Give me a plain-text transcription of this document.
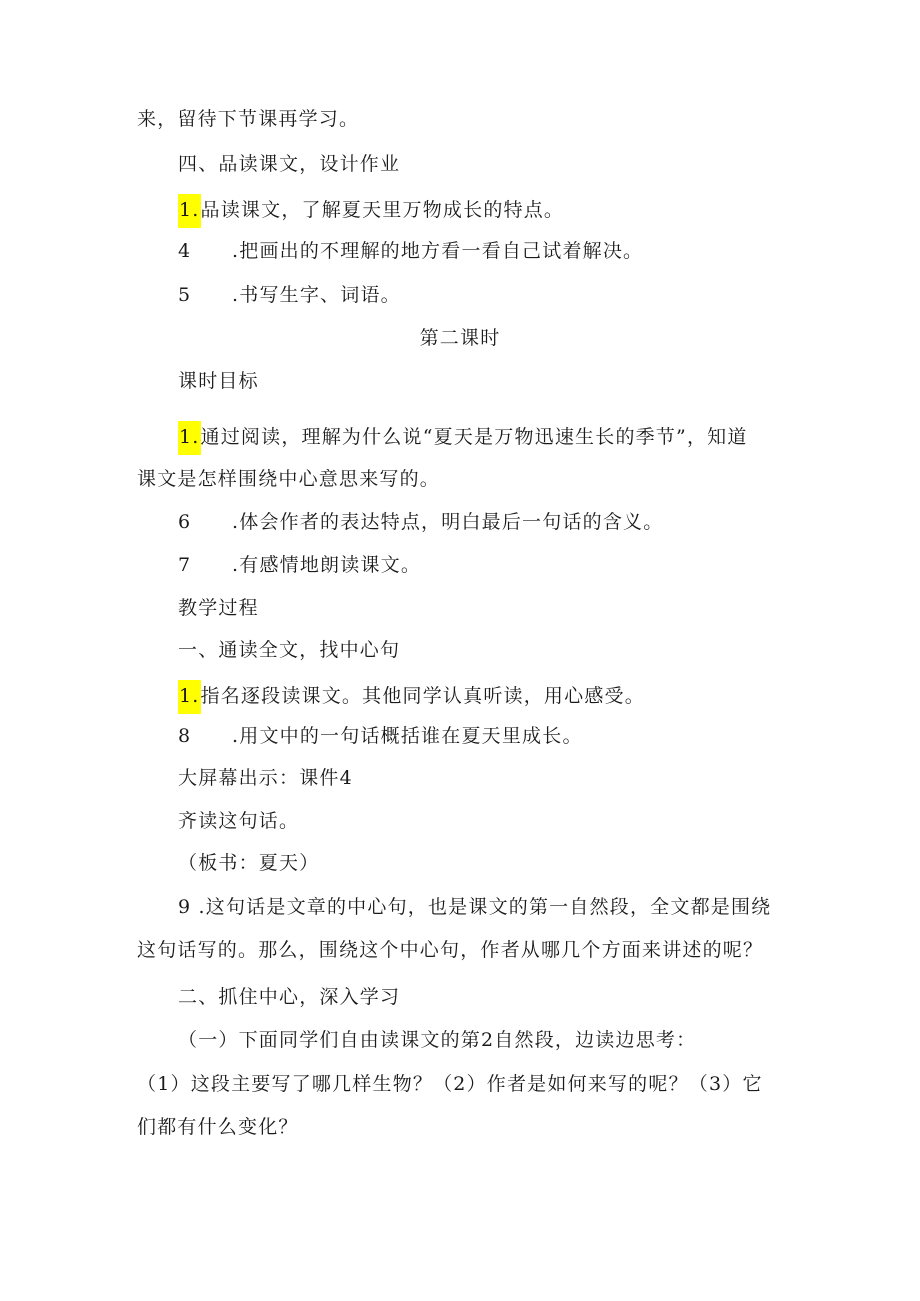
来，留待下节课再学习。
四、品读课文，设计作业
1.品读课文，了解夏天里万物成长的特点。
4 .把画出的不理解的地方看一看自己试着解决。
5 .书写生字、词语。
第二课时
课时目标
1.通过阅读，理解为什么说“夏天是万物迅速生长的季节”，知道
课文是怎样围绕中心意思来写的。
6 .体会作者的表达特点，明白最后一句话的含义。
7 .有感情地朗读课文。
教学过程
一、通读全文，找中心句
1.指名逐段读课文。其他同学认真听读，用心感受。
8 .用文中的一句话概括谁在夏天里成长。
大屏幕出示：课件4
齐读这句话。
（板书：夏天）
9 .这句话是文章的中心句，也是课文的第一自然段，全文都是围绕
这句话写的。那么，围绕这个中心句，作者从哪几个方面来讲述的呢？
二、抓住中心，深入学习
（一）下面同学们自由读课文的第2自然段，边读边思考：
（1）这段主要写了哪几样生物？（2）作者是如何来写的呢？（3）它
们都有什么变化？
